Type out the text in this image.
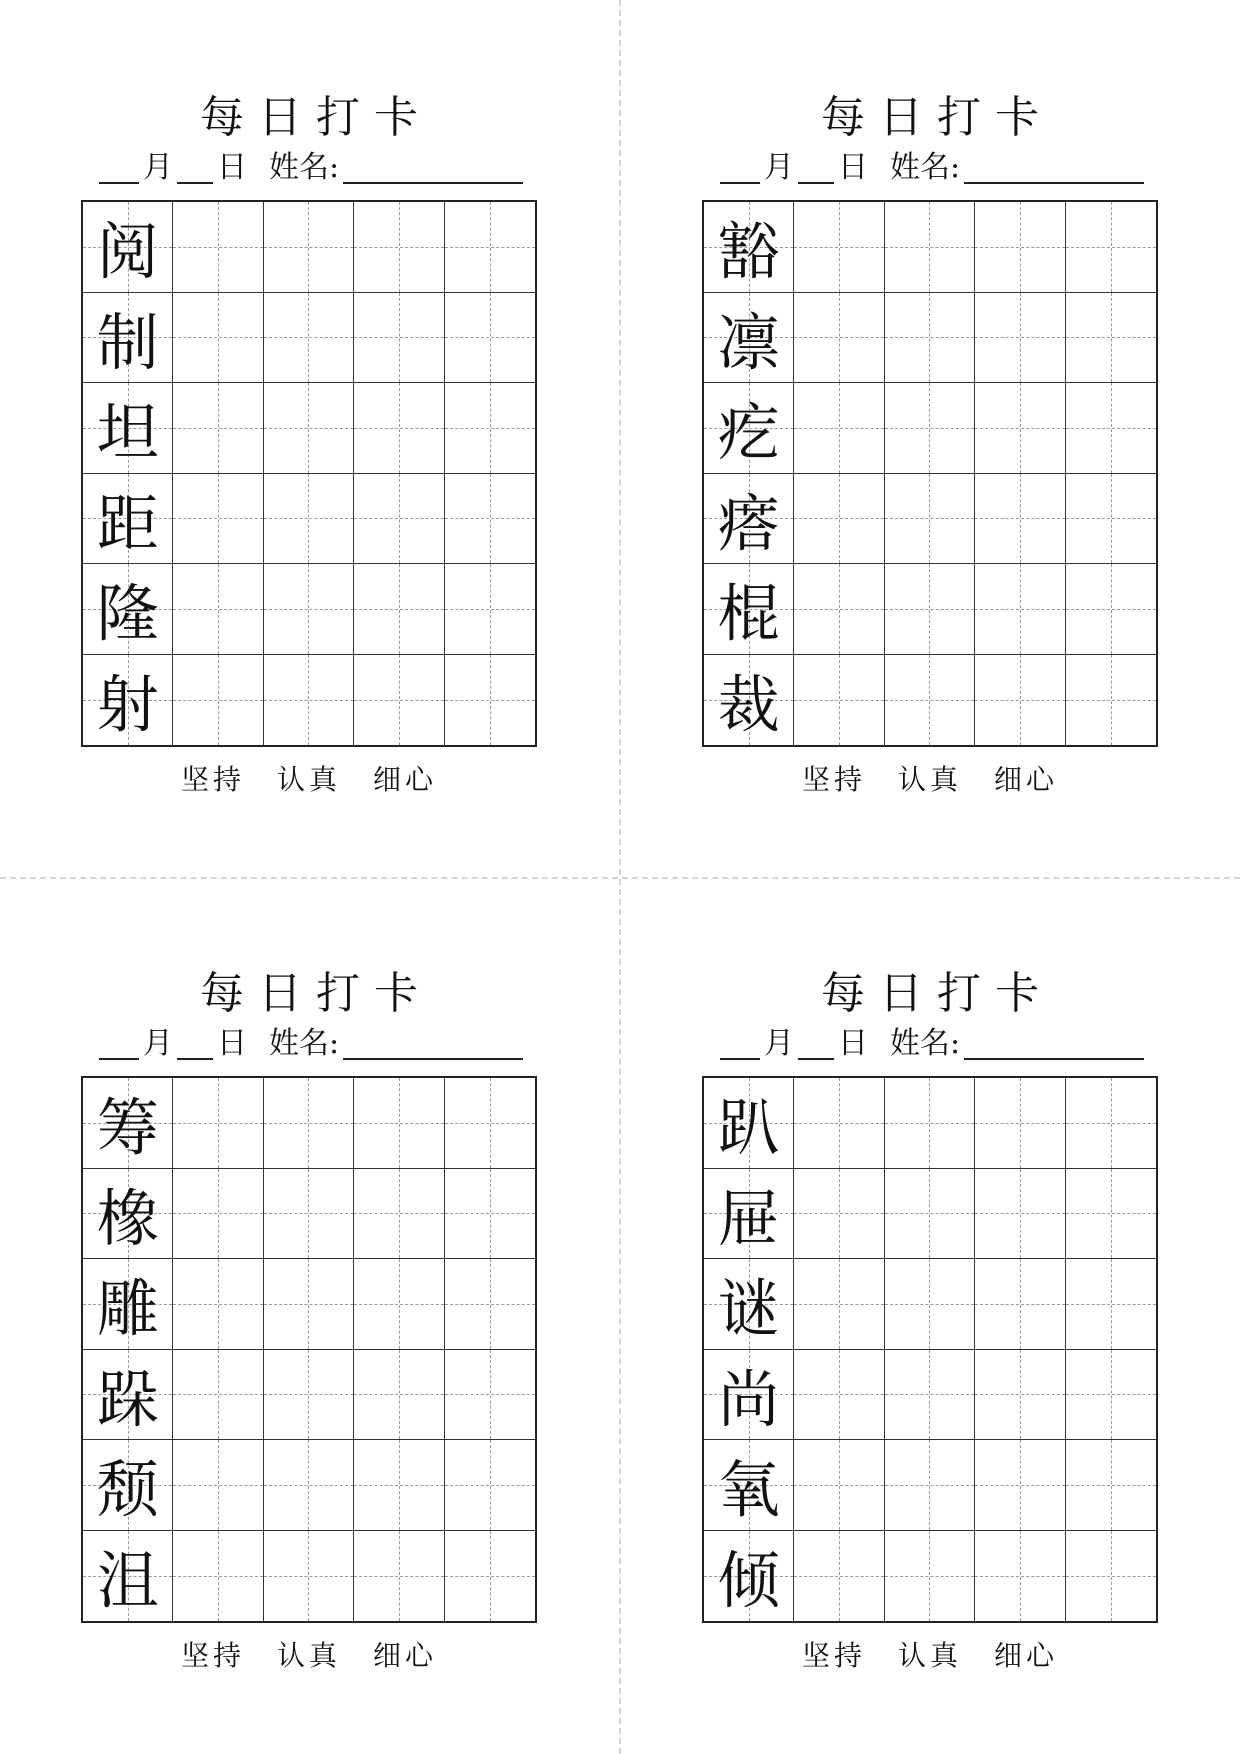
每日打卡
月 日 姓名:
阅
制
坦
距
隆
射
坚持 认真 细心
每日打卡
月 日 姓名:
豁
凛
疙
瘩
棍
裁
坚持 认真 细心
每日打卡
月 日 姓名:
筹
橡
雕
跺
颓
沮
坚持 认真 细心
每日打卡
月 日 姓名:
趴
屉
谜
尚
氧
倾
坚持 认真 细心
